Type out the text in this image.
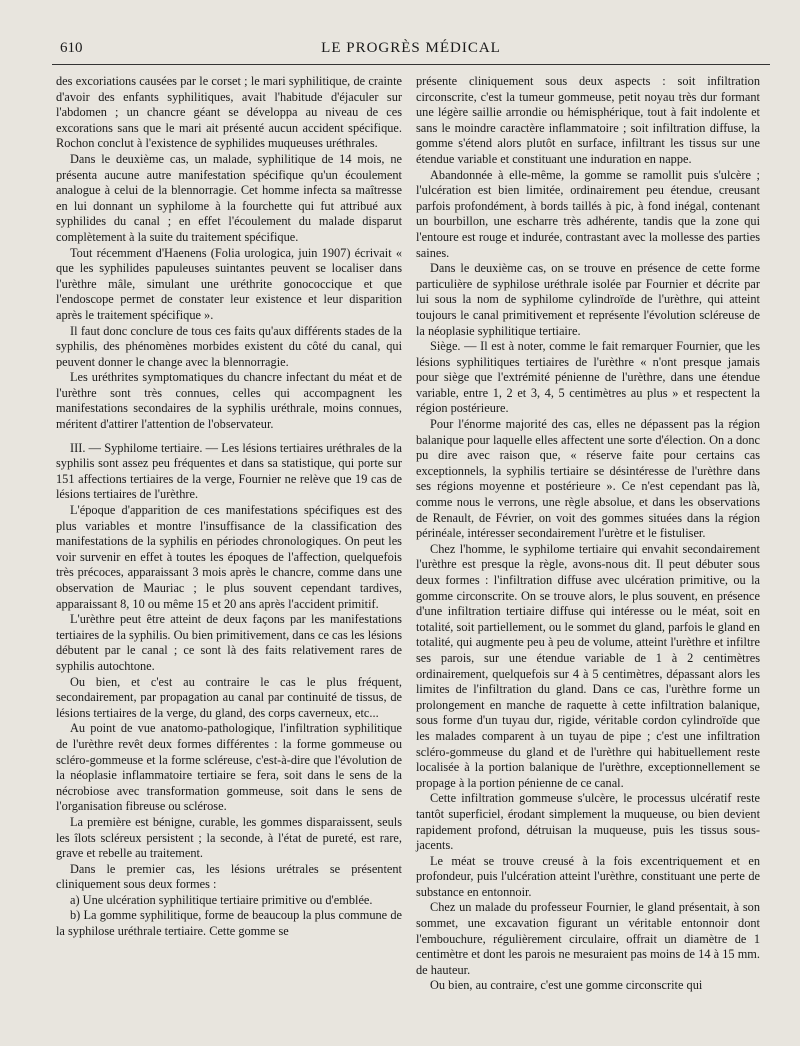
610	LE PROGRÈS MÉDICAL

des excoriations causées par le corset ; le mari syphilitique, de crainte d'avoir des enfants syphilitiques, avait l'habitude d'éjaculer sur l'abdomen ; un chancre géant se développa au niveau de ces excorations sans que le mari ait présenté aucun accident spécifique. Rochon conclut à l'existence de syphilides muqueuses uréthrales.

Dans le deuxième cas, un malade, syphilitique de 14 mois, ne présenta aucune autre manifestation spécifique qu'un écoulement analogue à celui de la blennorragie. Cet homme infecta sa maîtresse en lui donnant un syphilome à la fourchette qui fut attribué aux syphilides du canal ; en effet l'écoulement du malade disparut complètement à la suite du traitement spécifique.

Tout récemment d'Haenens (Folia urologica, juin 1907) écrivait « que les syphilides papuleuses suintantes peuvent se localiser dans l'urèthre mâle, simulant une uréthrite gonococcique et que l'endoscope permet de constater leur existence et leur disparition après le traitement spécifique ».

Il faut donc conclure de tous ces faits qu'aux différents stades de la syphilis, des phénomènes morbides existent du côté du canal, qui peuvent donner le change avec la blennorragie.

Les uréthrites symptomatiques du chancre infectant du méat et de l'urèthre sont très connues, celles qui accompagnent les manifestations secondaires de la syphilis uréthrale, moins connues, méritent d'attirer l'attention de l'observateur.

III. — Syphilome tertiaire. — Les lésions tertiaires uréthrales de la syphilis sont assez peu fréquentes et dans sa statistique, qui porte sur 151 affections tertiaires de la verge, Fournier ne relève que 19 cas de lésions tertiaires de l'urèthre.

L'époque d'apparition de ces manifestations spécifiques est des plus variables et montre l'insuffisance de la classification des manifestations de la syphilis en périodes chronologiques. On peut les voir survenir en effet à toutes les époques de l'affection, quelquefois très précoces, apparaissant 3 mois après le chancre, comme dans une observation de Mauriac ; le plus souvent cependant tardives, apparaissant 8, 10 ou même 15 et 20 ans après l'accident primitif.

L'urèthre peut être atteint de deux façons par les manifestations tertiaires de la syphilis. Ou bien primitivement, dans ce cas les lésions débutent par le canal ; ce sont là des faits relativement rares de syphilis autochtone.

Ou bien, et c'est au contraire le cas le plus fréquent, secondairement, par propagation au canal par continuité de tissus, de lésions tertiaires de la verge, du gland, des corps caverneux, etc...

Au point de vue anatomo-pathologique, l'infiltration syphilitique de l'urèthre revêt deux formes différentes : la forme gommeuse ou scléro-gommeuse et la forme scléreuse, c'est-à-dire que l'évolution de la néoplasie inflammatoire tertiaire se fera, soit dans le sens de la nécrobiose avec transformation gommeuse, soit dans le sens de l'organisation fibreuse ou sclérose.

La première est bénigne, curable, les gommes disparaissent, seuls les îlots scléreux persistent ; la seconde, à l'état de pureté, est rare, grave et rebelle au traitement.

Dans le premier cas, les lésions urétrales se présentent cliniquement sous deux formes :

a) Une ulcération syphilitique tertiaire primitive ou d'emblée.

b) La gomme syphilitique, forme de beaucoup la plus commune de la syphilose uréthrale tertiaire. Cette gomme se

présente cliniquement sous deux aspects : soit infiltration circonscrite, c'est la tumeur gommeuse, petit noyau très dur formant une légère saillie arrondie ou hémisphérique, tout à fait indolente et sans le moindre caractère inflammatoire ; soit infiltration diffuse, la gomme s'étend alors plutôt en surface, infiltrant les tissus sur une étendue variable et constituant une induration en nappe.

Abandonnée à elle-même, la gomme se ramollit puis s'ulcère ; l'ulcération est bien limitée, ordinairement peu étendue, creusant parfois profondément, à bords taillés à pic, à fond inégal, contenant un bourbillon, une escharre très adhérente, tandis que la zone qui l'entoure est rouge et indurée, contrastant avec la mollesse des parties saines.

Dans le deuxième cas, on se trouve en présence de cette forme particulière de syphilose uréthrale isolée par Fournier et décrite par lui sous la nom de syphilome cylindroïde de l'urèthre, qui atteint toujours le canal primitivement et représente l'évolution scléreuse de la néoplasie syphilitique tertiaire.

Siège. — Il est à noter, comme le fait remarquer Fournier, que les lésions syphilitiques tertiaires de l'urèthre « n'ont presque jamais pour siège que l'extrémité pénienne de l'urèthre, dans une étendue variable, entre 1, 2 et 3, 4, 5 centimètres au plus » et respectent la région postérieure.

Pour l'énorme majorité des cas, elles ne dépassent pas la région balanique pour laquelle elles affectent une sorte d'élection. On a donc pu dire avec raison que, « réserve faite pour certains cas exceptionnels, la syphilis tertiaire se désintéresse de l'urèthre dans ses régions moyenne et postérieure ». Ce n'est cependant pas là, comme nous le verrons, une règle absolue, et dans les observations de Renault, de Février, on voit des gommes situées dans la région périnéale, intéresser secondairement l'urètre et le fistuliser.

Chez l'homme, le syphilome tertiaire qui envahit secondairement l'urèthre est presque la règle, avons-nous dit. Il peut débuter sous deux formes : l'infiltration diffuse avec ulcération primitive, ou la gomme circonscrite. On se trouve alors, le plus souvent, en présence d'une infiltration tertiaire diffuse qui intéresse ou le méat, soit en totalité, soit partiellement, ou le sommet du gland, parfois le gland en totalité, qui augmente peu à peu de volume, atteint l'urèthre et infiltre ses parois, sur une étendue variable de 1 à 2 centimètres ordinairement, quelquefois sur 4 à 5 centimètres, dépassant alors les limites de l'infiltration du gland. Dans ce cas, l'urèthre forme un prolongement en manche de raquette à cette infiltration balanique, sous forme d'un tuyau dur, rigide, véritable cordon cylindroïde que les malades comparent à un tuyau de pipe ; c'est une infiltration scléro-gommeuse du gland et de l'urèthre qui habituellement reste localisée à la portion balanique de l'urèthre, exceptionnellement se propage à la portion pénienne de ce canal.

Cette infiltration gommeuse s'ulcère, le processus ulcératif reste tantôt superficiel, érodant simplement la muqueuse, ou bien devient rapidement profond, détruisan la muqueuse, puis les tissus sous-jacents.

Le méat se trouve creusé à la fois excentriquement et en profondeur, puis l'ulcération atteint l'urèthre, constituant une perte de substance en entonnoir.

Chez un malade du professeur Fournier, le gland présentait, à son sommet, une excavation figurant un véritable entonnoir dont l'embouchure, régulièrement circulaire, offrait un diamètre de 1 centimètre et dont les parois ne mesuraient pas moins de 14 à 15 mm. de hauteur.

Ou bien, au contraire, c'est une gomme circonscrite qui
